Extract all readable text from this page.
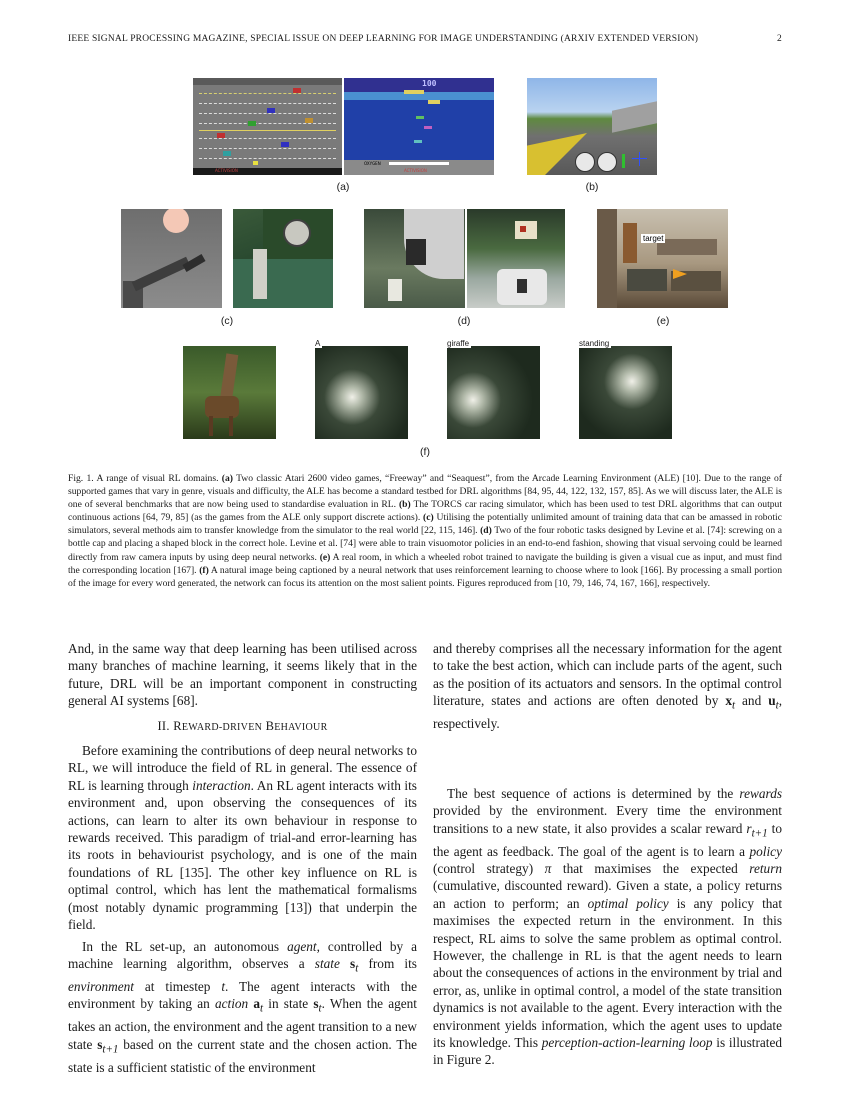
IEEE SIGNAL PROCESSING MAGAZINE, SPECIAL ISSUE ON DEEP LEARNING FOR IMAGE UNDERSTANDING (ARXIV EXTENDED VERSION)	2
ACTIVISION
100
OXYGEN
ACTIVISION
(a)	(b)
(c)	(d)
target
(e)
A	giraffe	standing
(f)
Fig. 1. A range of visual RL domains. (a) Two classic Atari 2600 video games, “Freeway” and “Seaquest”, from the Arcade Learning Environment (ALE) [10]. Due to the range of supported games that vary in genre, visuals and difficulty, the ALE has become a standard testbed for DRL algorithms [84, 95, 44, 122, 132, 157, 85]. As we will discuss later, the ALE is one of several benchmarks that are now being used to standardise evaluation in RL. (b) The TORCS car racing simulator, which has been used to test DRL algorithms that can output continuous actions [64, 79, 85] (as the games from the ALE only support discrete actions). (c) Utilising the potentially unlimited amount of training data that can be amassed in robotic simulators, several methods aim to transfer knowledge from the simulator to the real world [22, 115, 146]. (d) Two of the four robotic tasks designed by Levine et al. [74]: screwing on a bottle cap and placing a shaped block in the correct hole. Levine et al. [74] were able to train visuomotor policies in an end-to-end fashion, showing that visual servoing could be learned directly from raw camera inputs by using deep neural networks. (e) A real room, in which a wheeled robot trained to navigate the building is given a visual cue as input, and must find the corresponding location [167]. (f) A natural image being captioned by a neural network that uses reinforcement learning to choose where to look [166]. By processing a small portion of the image for every word generated, the network can focus its attention on the most salient points. Figures reproduced from [10, 79, 146, 74, 167, 166], respectively.

And, in the same way that deep learning has been utilised across many branches of machine learning, it seems likely that in the future, DRL will be an important component in constructing general AI systems [68].

II. REWARD-DRIVEN BEHAVIOUR

Before examining the contributions of deep neural networks to RL, we will introduce the field of RL in general. The essence of RL is learning through interaction. An RL agent interacts with its environment and, upon observing the consequences of its actions, can learn to alter its own behaviour in response to rewards received. This paradigm of trial-and error-learning has its roots in behaviourist psychology, and is one of the main foundations of RL [135]. The other key influence on RL is optimal control, which has lent the mathematical formalisms (most notably dynamic programming [13]) that underpin the field.

In the RL set-up, an autonomous agent, controlled by a machine learning algorithm, observes a state $s_t$ from its environment at timestep t. The agent interacts with the environment by taking an action $a_t$ in state $s_t$. When the agent takes an action, the environment and the agent transition to a new state $s_{t+1}$ based on the current state and the chosen action. The state is a sufficient statistic of the environment

and thereby comprises all the necessary information for the agent to take the best action, which can include parts of the agent, such as the position of its actuators and sensors. In the optimal control literature, states and actions are often denoted by $x_t$ and $u_t$, respectively.

The best sequence of actions is determined by the rewards provided by the environment. Every time the environment transitions to a new state, it also provides a scalar reward $r_{t+1}$ to the agent as feedback. The goal of the agent is to learn a policy (control strategy) π that maximises the expected return (cumulative, discounted reward). Given a state, a policy returns an action to perform; an optimal policy is any policy that maximises the expected return in the environment. In this respect, RL aims to solve the same problem as optimal control. However, the challenge in RL is that the agent needs to learn about the consequences of actions in the environment by trial and error, as, unlike in optimal control, a model of the state transition dynamics is not available to the agent. Every interaction with the environment yields information, which the agent uses to update its knowledge. This perception-action-learning loop is illustrated in Figure 2.
